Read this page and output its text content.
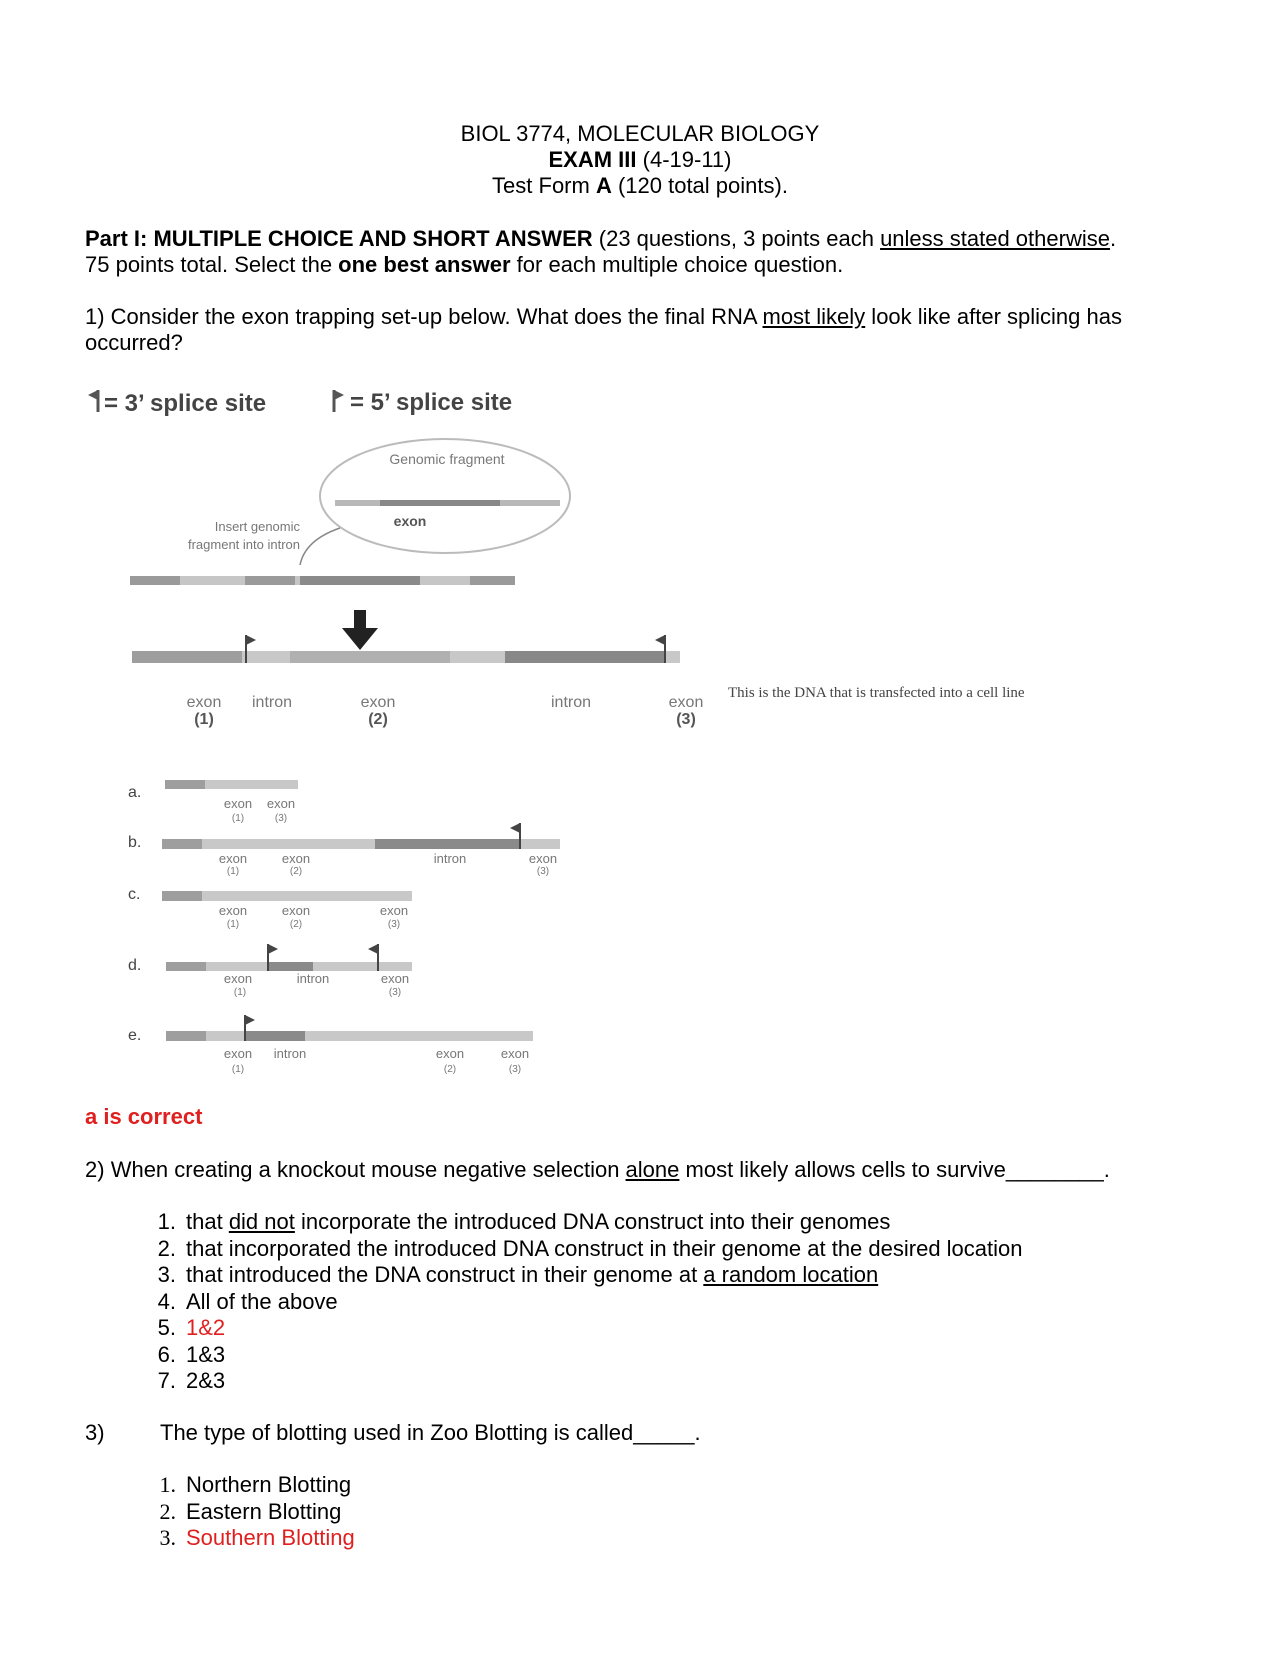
BIOL 3774, MOLECULAR BIOLOGY
EXAM III (4-19-11)
Test Form A (120 total points).
Part I: MULTIPLE CHOICE AND SHORT ANSWER (23 questions, 3 points each unless stated otherwise.
75 points total. Select the one best answer for each multiple choice question.
1) Consider the exon trapping set-up below. What does the final RNA most likely look like after splicing has
occurred?
= 3’ splice site	= 5’ splice site
Genomic fragment
exon
Insert genomic
fragment into intron
exon
(1)
intron	exon
(2)
intron	exon
(3)
This is the DNA that is transfected into a cell line
a.
exon
(1)
exon
(3)
b.
exon
(1)
exon
(2)
intron	exon
(3)
c.
exon
(1)
exon
(2)
exon
(3)
d.
exon
(1)
intron	exon
(3)
e.
exon
(1)
intron	exon
(2)
exon
(3)
a is correct
2) When creating a knockout mouse negative selection alone most likely allows cells to survive________.
1. that did not incorporate the introduced DNA construct into their genomes
2. that incorporated the introduced DNA construct in their genome at the desired location
3. that introduced the DNA construct in their genome at a random location
4. All of the above
5. 1&2
6. 1&3
7. 2&3
3)	The type of blotting used in Zoo Blotting is called_____.
1. Northern Blotting
2. Eastern Blotting
3. Southern Blotting
